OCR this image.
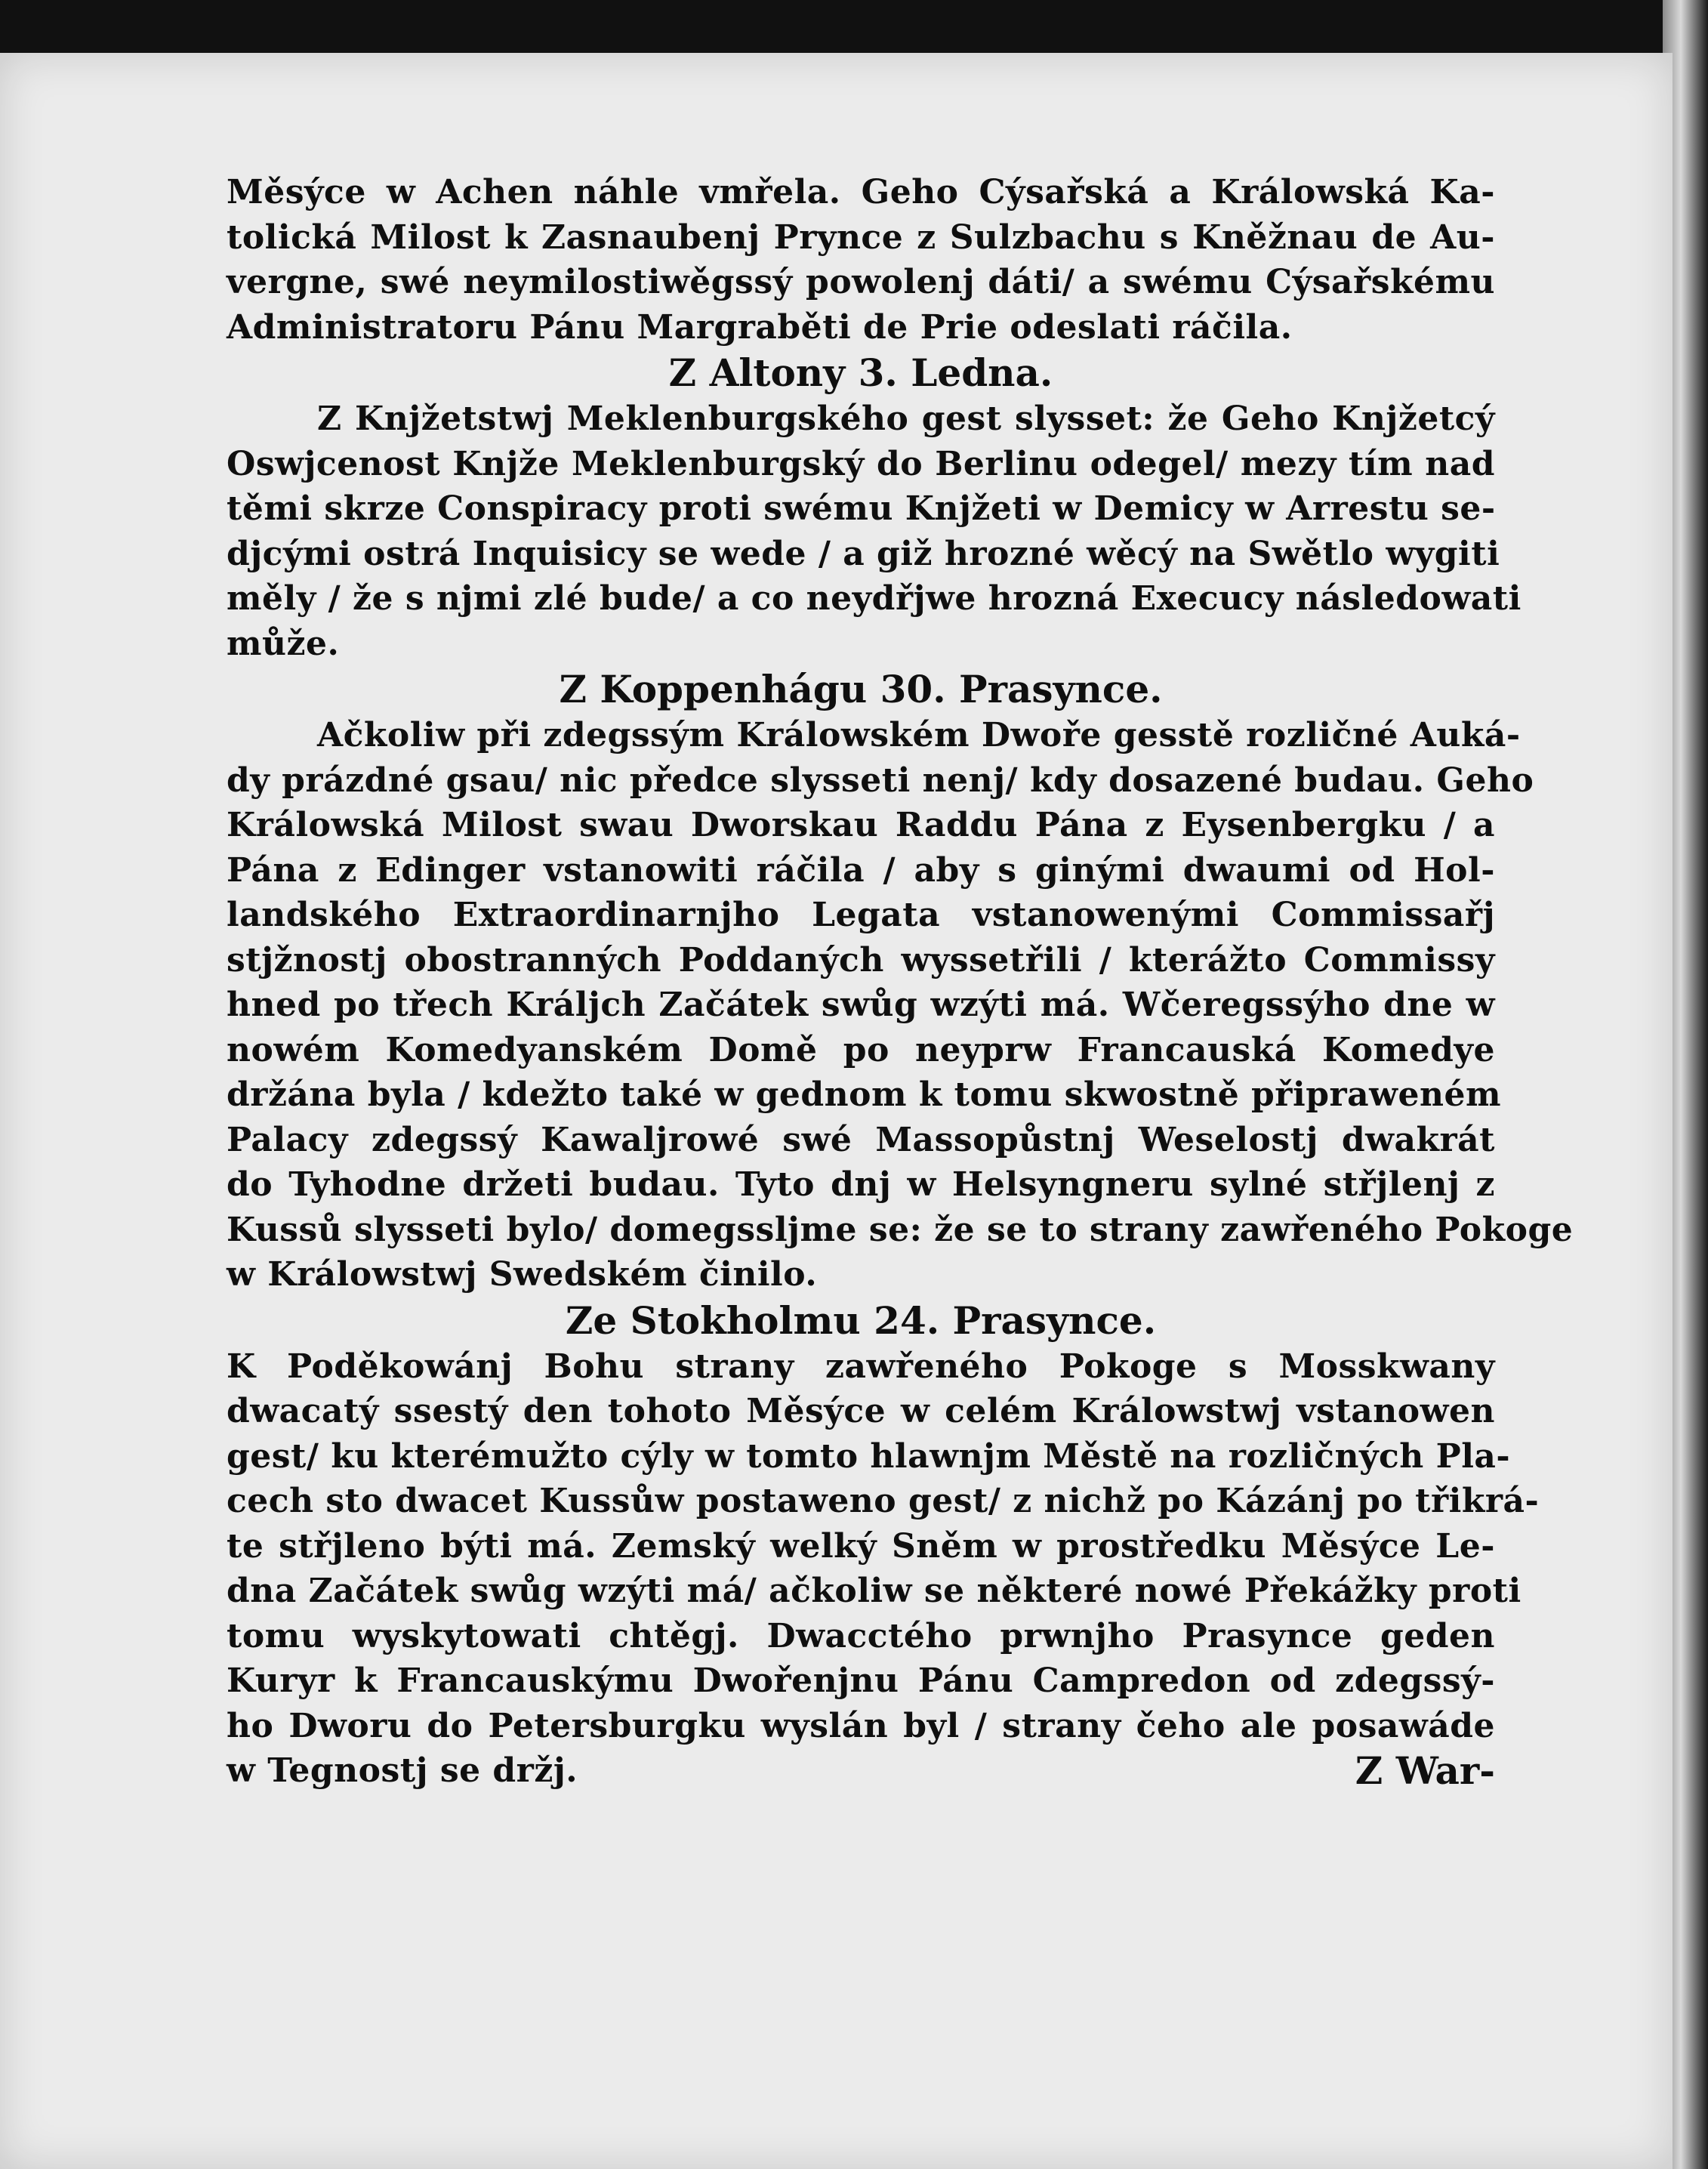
Měsýce w Achen náhle vmřela. Geho Cýsařská a Králowská Ka-
tolická Milost k Zasnaubenj Prynce z Sulzbachu s Kněžnau de Au-
vergne, swé neymilostiwěgssý powolenj dáti/ a swému Cýsařskému
Administratoru Pánu Margraběti de Prie odeslati ráčila.
Z Altony 3. Ledna.
Z Knjžetstwj Meklenburgského gest slysset: že Geho Knjžetcý
Oswjcenost Knjže Meklenburgský do Berlinu odegel/ mezy tím nad
těmi skrze Conspiracy proti swému Knjžeti w Demicy w Arrestu se-
djcými ostrá Inquisicy se wede / a giž hrozné wěcý na Swětlo wygiti
měly / že s njmi zlé bude/ a co neydřjwe hrozná Execucy následowati
může.
Z Koppenhágu 30. Prasynce.
Ačkoliw při zdegssým Králowském Dwoře gesstě rozličné Auká-
dy prázdné gsau/ nic předce slysseti nenj/ kdy dosazené budau. Geho
Králowská Milost swau Dworskau Raddu Pána z Eysenbergku / a
Pána z Edinger vstanowiti ráčila / aby s ginými dwaumi od Hol-
landského Extraordinarnjho Legata vstanowenými Commissařj
stjžnostj obostranných Poddaných wyssetřili / kterážto Commissy
hned po třech Králjch Začátek swůg wzýti má. Wčeregssýho dne w
nowém Komedyanském Domě po neyprw Francauská Komedye
držána byla / kdežto také w gednom k tomu skwostně připraweném
Palacy zdegssý Kawaljrowé swé Massopůstnj Weselostj dwakrát
do Tyhodne držeti budau. Tyto dnj w Helsyngneru sylné střjlenj z
Kussů slysseti bylo/ domegssljme se: že se to strany zawřeného Pokoge
w Králowstwj Swedském činilo.
Ze Stokholmu 24. Prasynce.
K Poděkowánj Bohu strany zawřeného Pokoge s Mosskwany
dwacatý ssestý den tohoto Měsýce w celém Králowstwj vstanowen
gest/ ku kterémužto cýly w tomto hlawnjm Městě na rozličných Pla-
cech sto dwacet Kussůw postaweno gest/ z nichž po Kázánj po třikrá-
te střjleno býti má. Zemský welký Sněm w prostředku Měsýce Le-
dna Začátek swůg wzýti má/ ačkoliw se některé nowé Překážky proti
tomu wyskytowati chtěgj. Dwacctého prwnjho Prasynce geden
Kuryr k Francauskýmu Dwořenjnu Pánu Campredon od zdegssý-
ho Dworu do Petersburgku wyslán byl / strany čeho ale posawáde
w Tegnostj se držj.	Z War-
